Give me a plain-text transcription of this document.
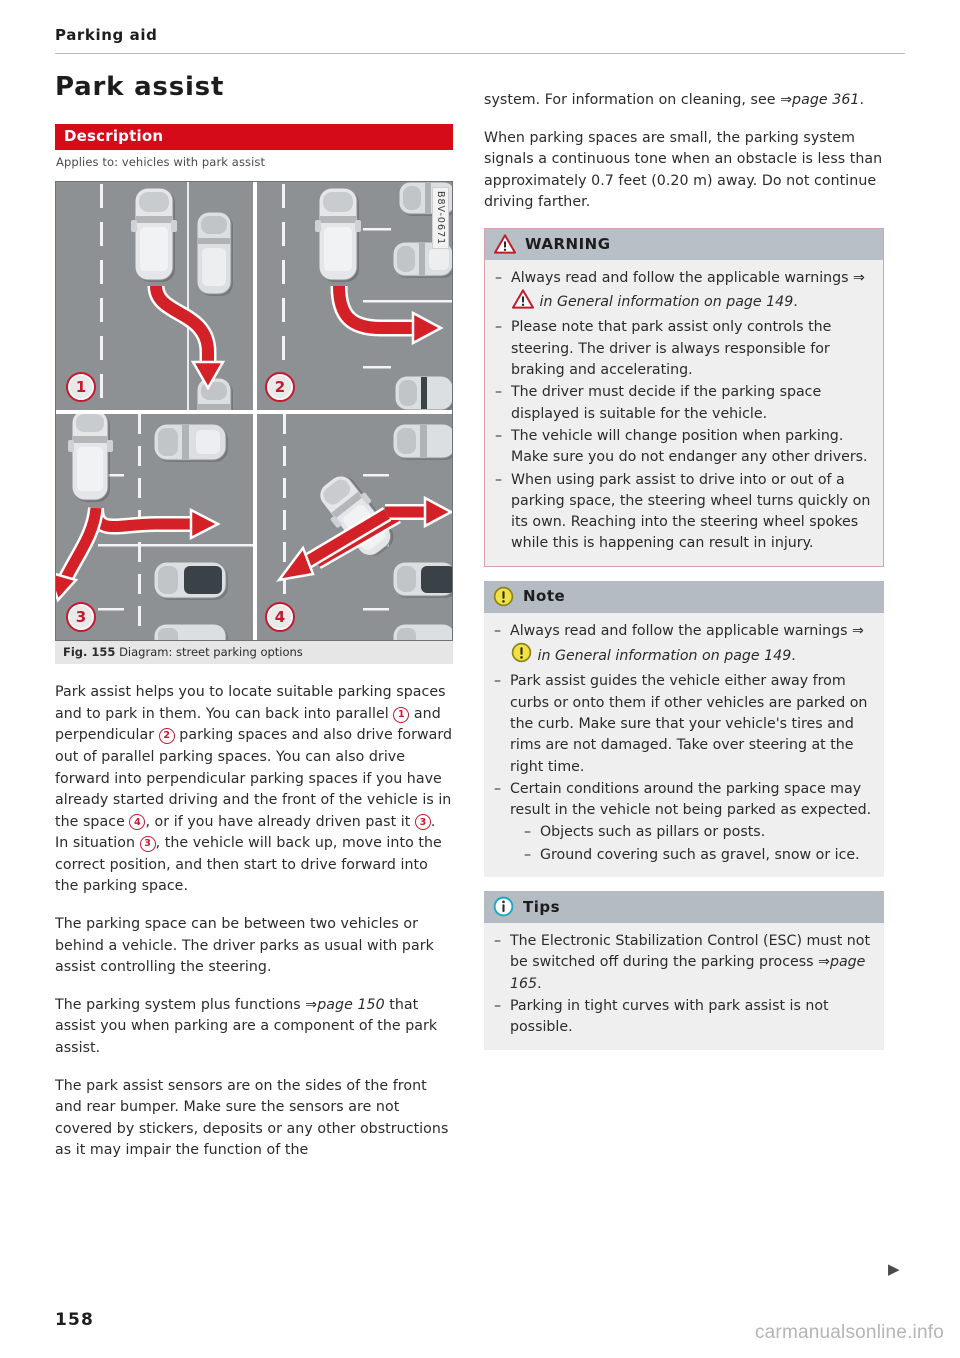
Parking aid
Park assist
Description
Applies to: vehicles with park assist
1	2
3	4
B8V-0671
Fig. 155 Diagram: street parking options

Park assist helps you to locate suitable parking spaces and to park in them. You can back into parallel 1 and perpendicular 2 parking spaces and also drive forward out of parallel parking spaces. You can also drive forward into perpendicular parking spaces if you have already started driving and the front of the vehicle is in the space 4 , or if you have already driven past it 3 . In situation 3 , the vehicle will back up, move into the correct position, and then start to drive forward into the parking space.

The parking space can be between two vehicles or behind a vehicle. The driver parks as usual with park assist controlling the steering.

The parking system plus functions ⇒page 150 that assist you when parking are a component of the park assist.

The park assist sensors are on the sides of the front and rear bumper. Make sure the sensors are not covered by stickers, deposits or any other obstructions as it may impair the function of the

system. For information on cleaning, see ⇒page 361.

When parking spaces are small, the parking system signals a continuous tone when an obstacle is less than approximately 0.7 feet (0.20 m) away. Do not continue driving farther.

WARNING
– Always read and follow the applicable warnings ⇒ in General information on page 149.
– Please note that park assist only controls the steering. The driver is always responsible for braking and accelerating.
– The driver must decide if the parking space displayed is suitable for the vehicle.
– The vehicle will change position when parking. Make sure you do not endanger any other drivers.
– When using park assist to drive into or out of a parking space, the steering wheel turns quickly on its own. Reaching into the steering wheel spokes while this is happening can result in injury.
Note
– Always read and follow the applicable warnings ⇒ in General information on page 149.
– Park assist guides the vehicle either away from curbs or onto them if other vehicles are parked on the curb. Make sure that your vehicle's tires and rims are not damaged. Take over steering at the right time.
– Certain conditions around the parking space may result in the vehicle not being parked as expected.
– Objects such as pillars or posts.
– Ground covering such as gravel, snow or ice.
Tips
– The Electronic Stabilization Control (ESC) must not be switched off during the parking process ⇒page 165.
– Parking in tight curves with park assist is not possible.
▶
158
carmanualsonline.info
